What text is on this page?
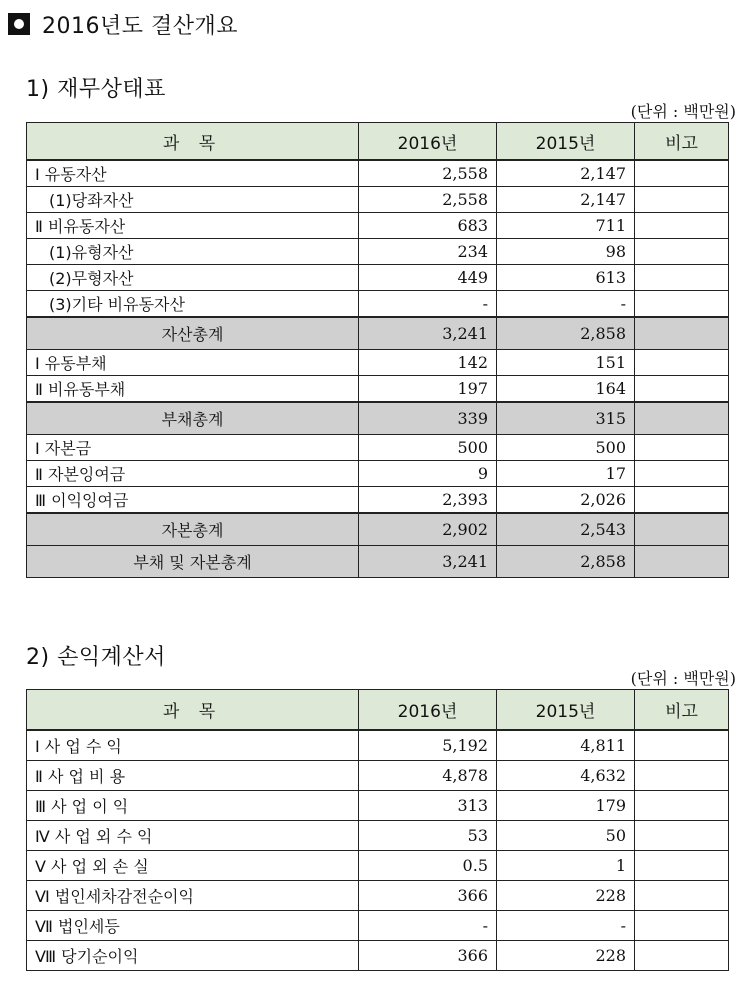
2016년도 결산개요
1) 재무상태표
(단위 : 백만원)
과 목	2016년	2015년	비고
Ⅰ 유동자산	2,558	2,147	
(1)당좌자산	2,558	2,147	
Ⅱ 비유동자산	683	711	
(1)유형자산	234	98	
(2)무형자산	449	613	
(3)기타 비유동자산	-	-	
자산총계	3,241	2,858	
Ⅰ 유동부채	142	151	
Ⅱ 비유동부채	197	164	
부채총계	339	315	
Ⅰ 자본금	500	500	
Ⅱ 자본잉여금	9	17	
Ⅲ 이익잉여금	2,393	2,026	
자본총계	2,902	2,543	
부채 및 자본총계	3,241	2,858	
2) 손익계산서
(단위 : 백만원)
과 목	2016년	2015년	비고
Ⅰ 사 업 수 익	5,192	4,811	
Ⅱ 사 업 비 용	4,878	4,632	
Ⅲ 사 업 이 익	313	179	
Ⅳ 사 업 외 수 익	53	50	
Ⅴ 사 업 외 손 실	0.5	1	
Ⅵ 법인세차감전순이익	366	228	
Ⅶ 법인세등	-	-	
Ⅷ 당기순이익	366	228	
